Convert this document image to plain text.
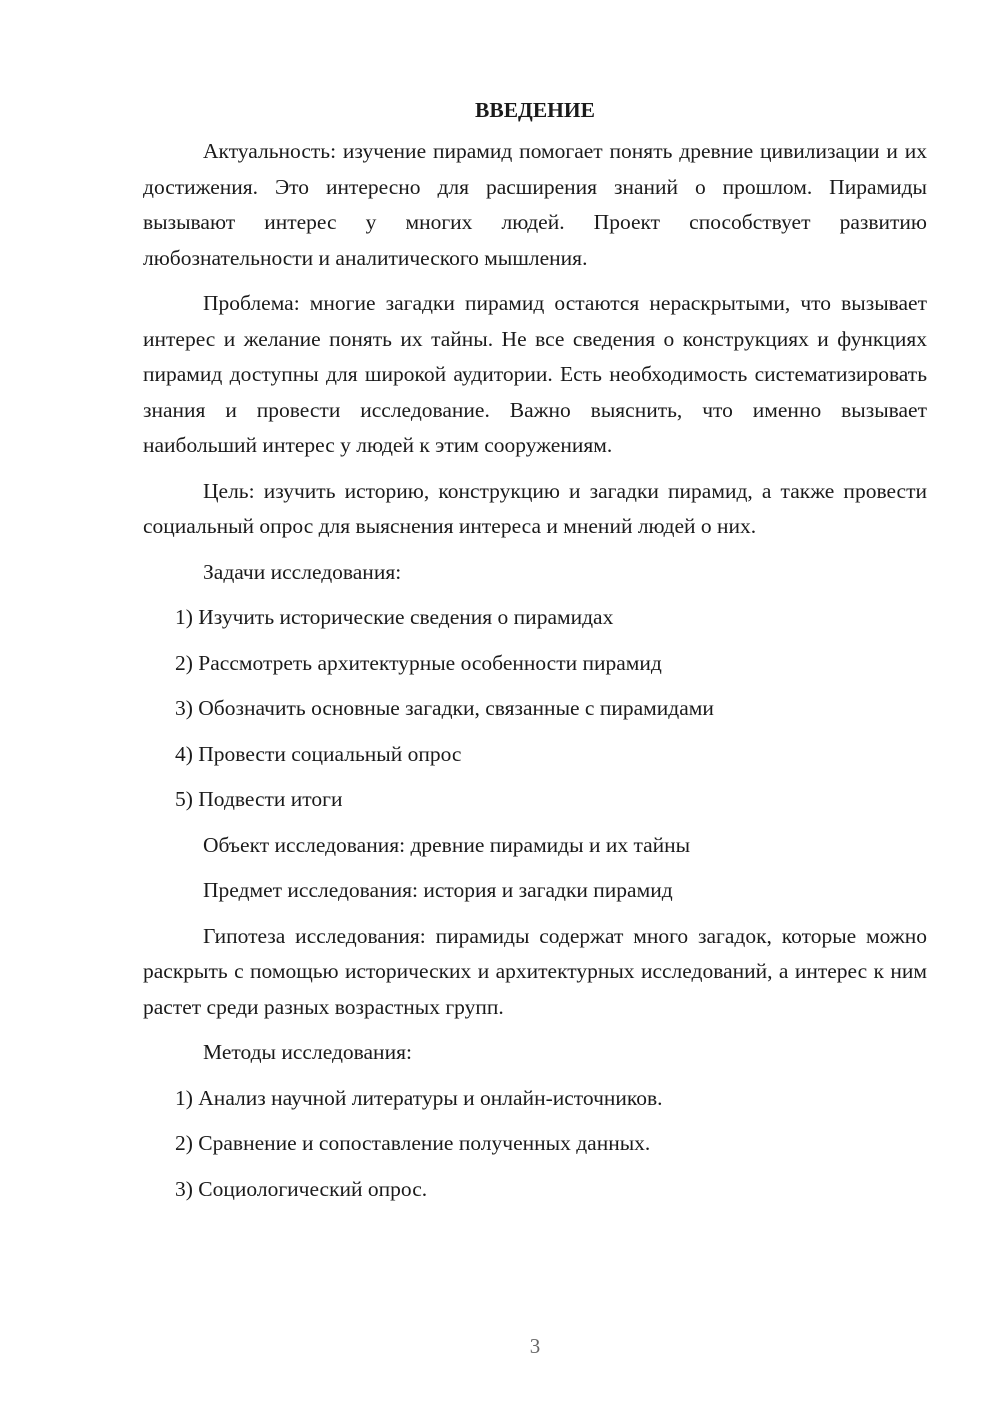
ВВЕДЕНИЕ
Актуальность: изучение пирамид помогает понять древние цивилизации и их достижения. Это интересно для расширения знаний о прошлом. Пирамиды вызывают интерес у многих людей. Проект способствует развитию любознательности и аналитического мышления.
Проблема: многие загадки пирамид остаются нераскрытыми, что вызывает интерес и желание понять их тайны. Не все сведения о конструкциях и функциях пирамид доступны для широкой аудитории. Есть необходимость систематизировать знания и провести исследование. Важно выяснить, что именно вызывает наибольший интерес у людей к этим сооружениям.
Цель: изучить историю, конструкцию и загадки пирамид, а также провести социальный опрос для выяснения интереса и мнений людей о них.
Задачи исследования:
1) Изучить исторические сведения о пирамидах
2) Рассмотреть архитектурные особенности пирамид
3) Обозначить основные загадки, связанные с пирамидами
4) Провести социальный опрос
5) Подвести итоги
Объект исследования: древние пирамиды и их тайны
Предмет исследования: история и загадки пирамид
Гипотеза исследования: пирамиды содержат много загадок, которые можно раскрыть с помощью исторических и архитектурных исследований, а интерес к ним растет среди разных возрастных групп.
Методы исследования:
1) Анализ научной литературы и онлайн-источников.
2) Сравнение и сопоставление полученных данных.
3) Социологический опрос.
3
